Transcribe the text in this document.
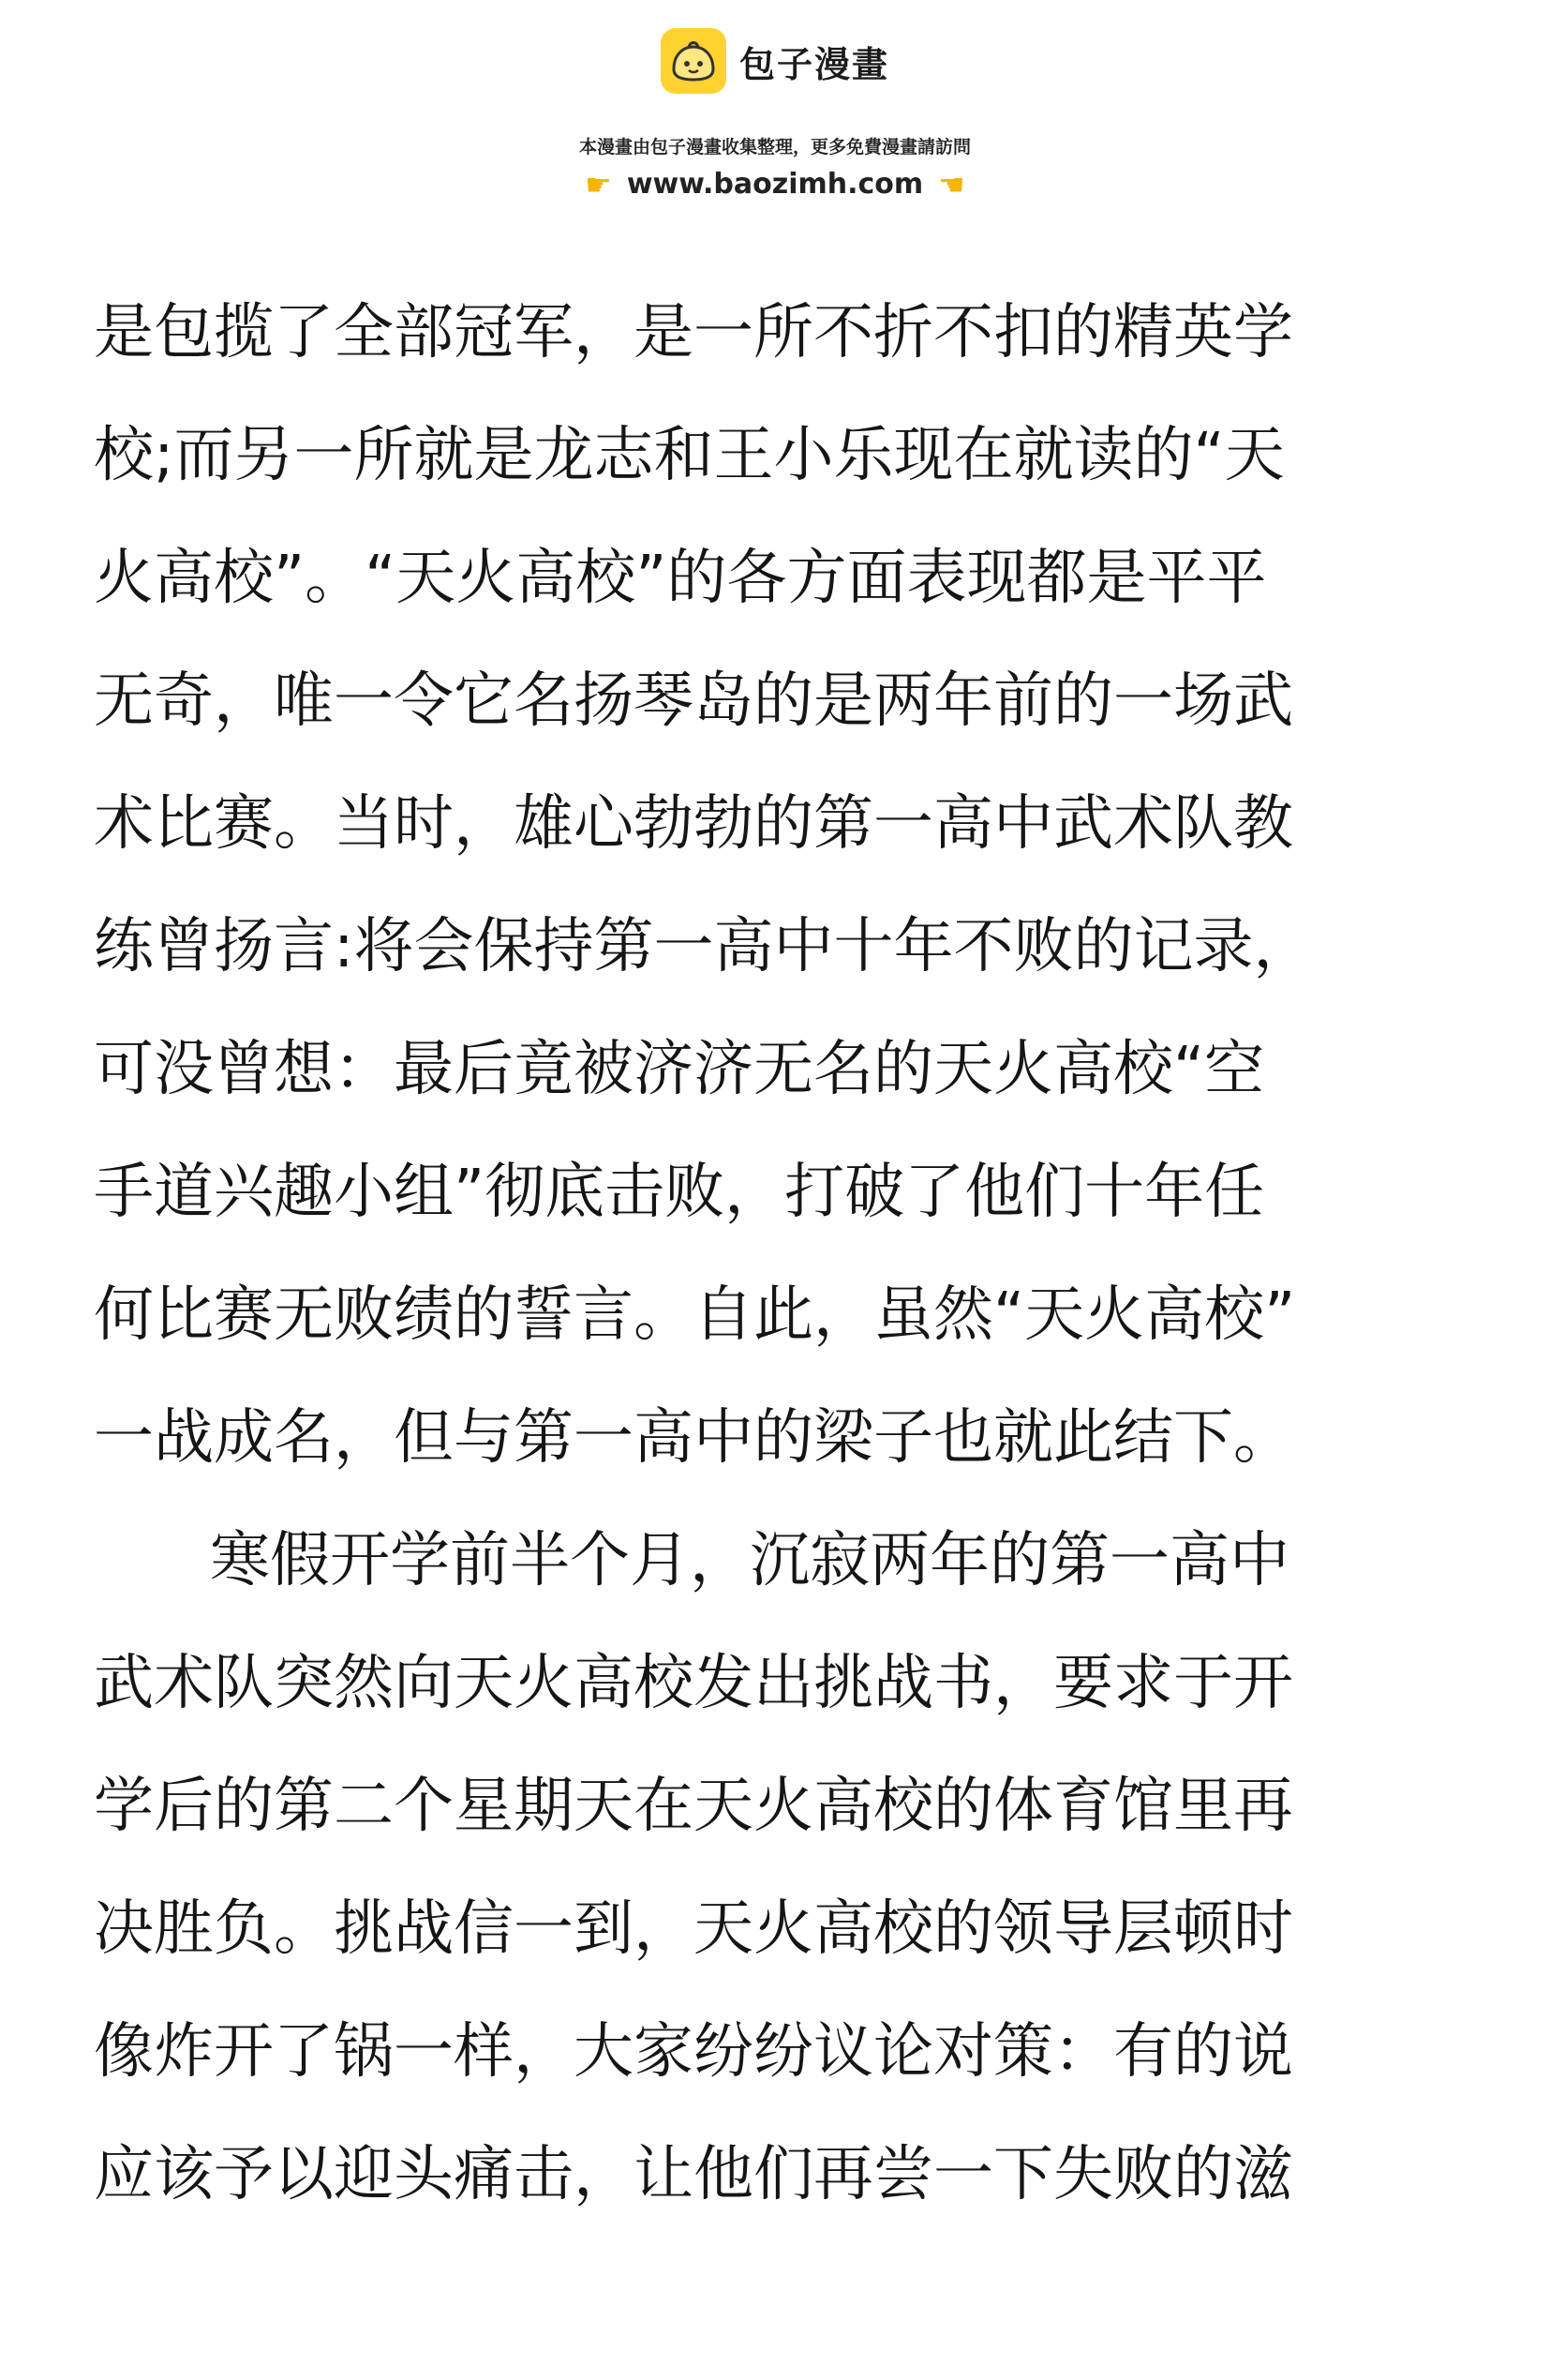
包子漫畫
本漫畫由包子漫畫收集整理，更多免費漫畫請訪問
☛ www.baozimh.com ☛
是包揽了全部冠军，是一所不折不扣的精英学
校;而另一所就是龙志和王小乐现在就读的“天
火高校”。“天火高校”的各方面表现都是平平
无奇，唯一令它名扬琴岛的是两年前的一场武
术比赛。当时，雄心勃勃的第一高中武术队教
练曾扬言:将会保持第一高中十年不败的记录，
可没曾想：最后竟被济济无名的天火高校“空
手道兴趣小组”彻底击败，打破了他们十年任
何比赛无败绩的誓言。自此，虽然“天火高校”
一战成名，但与第一高中的梁子也就此结下。
寒假开学前半个月，沉寂两年的第一高中
武术队突然向天火高校发出挑战书，要求于开
学后的第二个星期天在天火高校的体育馆里再
决胜负。挑战信一到，天火高校的领导层顿时
像炸开了锅一样，大家纷纷议论对策：有的说
应该予以迎头痛击，让他们再尝一下失败的滋
